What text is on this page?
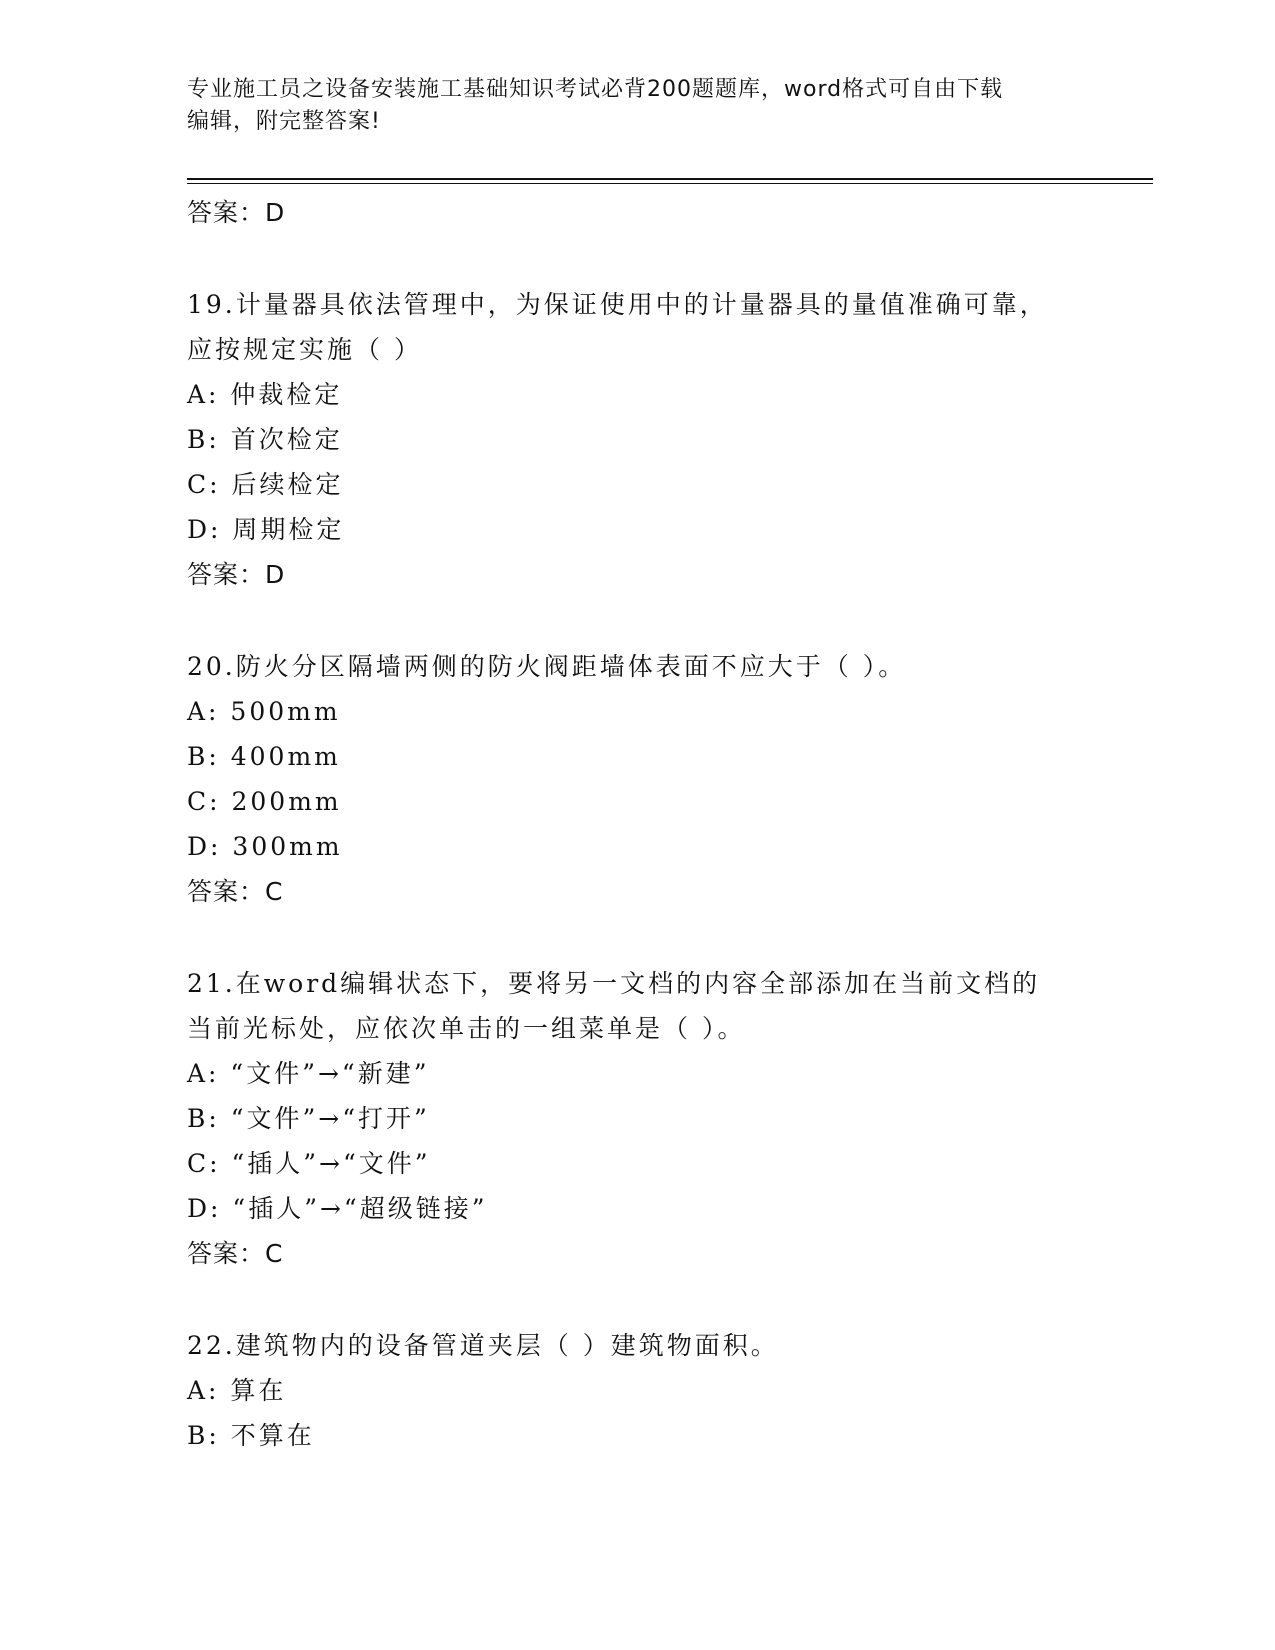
专业施工员之设备安装施工基础知识考试必背200题题库，word格式可自由下载
编辑，附完整答案!
答案：D
19.计量器具依法管理中，为保证使用中的计量器具的量值准确可靠，
应按规定实施（ ）
A: 仲裁检定
B: 首次检定
C: 后续检定
D: 周期检定
答案：D
20.防火分区隔墙两侧的防火阀距墙体表面不应大于（ ）。
A: 500mm
B: 400mm
C: 200mm
D: 300mm
答案：C
21.在word编辑状态下，要将另一文档的内容全部添加在当前文档的
当前光标处，应依次单击的一组菜单是（ ）。
A: “文件”→“新建”
B: “文件”→“打开”
C: “插人”→“文件”
D: “插人”→“超级链接”
答案：C
22.建筑物内的设备管道夹层（ ）建筑物面积。
A: 算在
B: 不算在
